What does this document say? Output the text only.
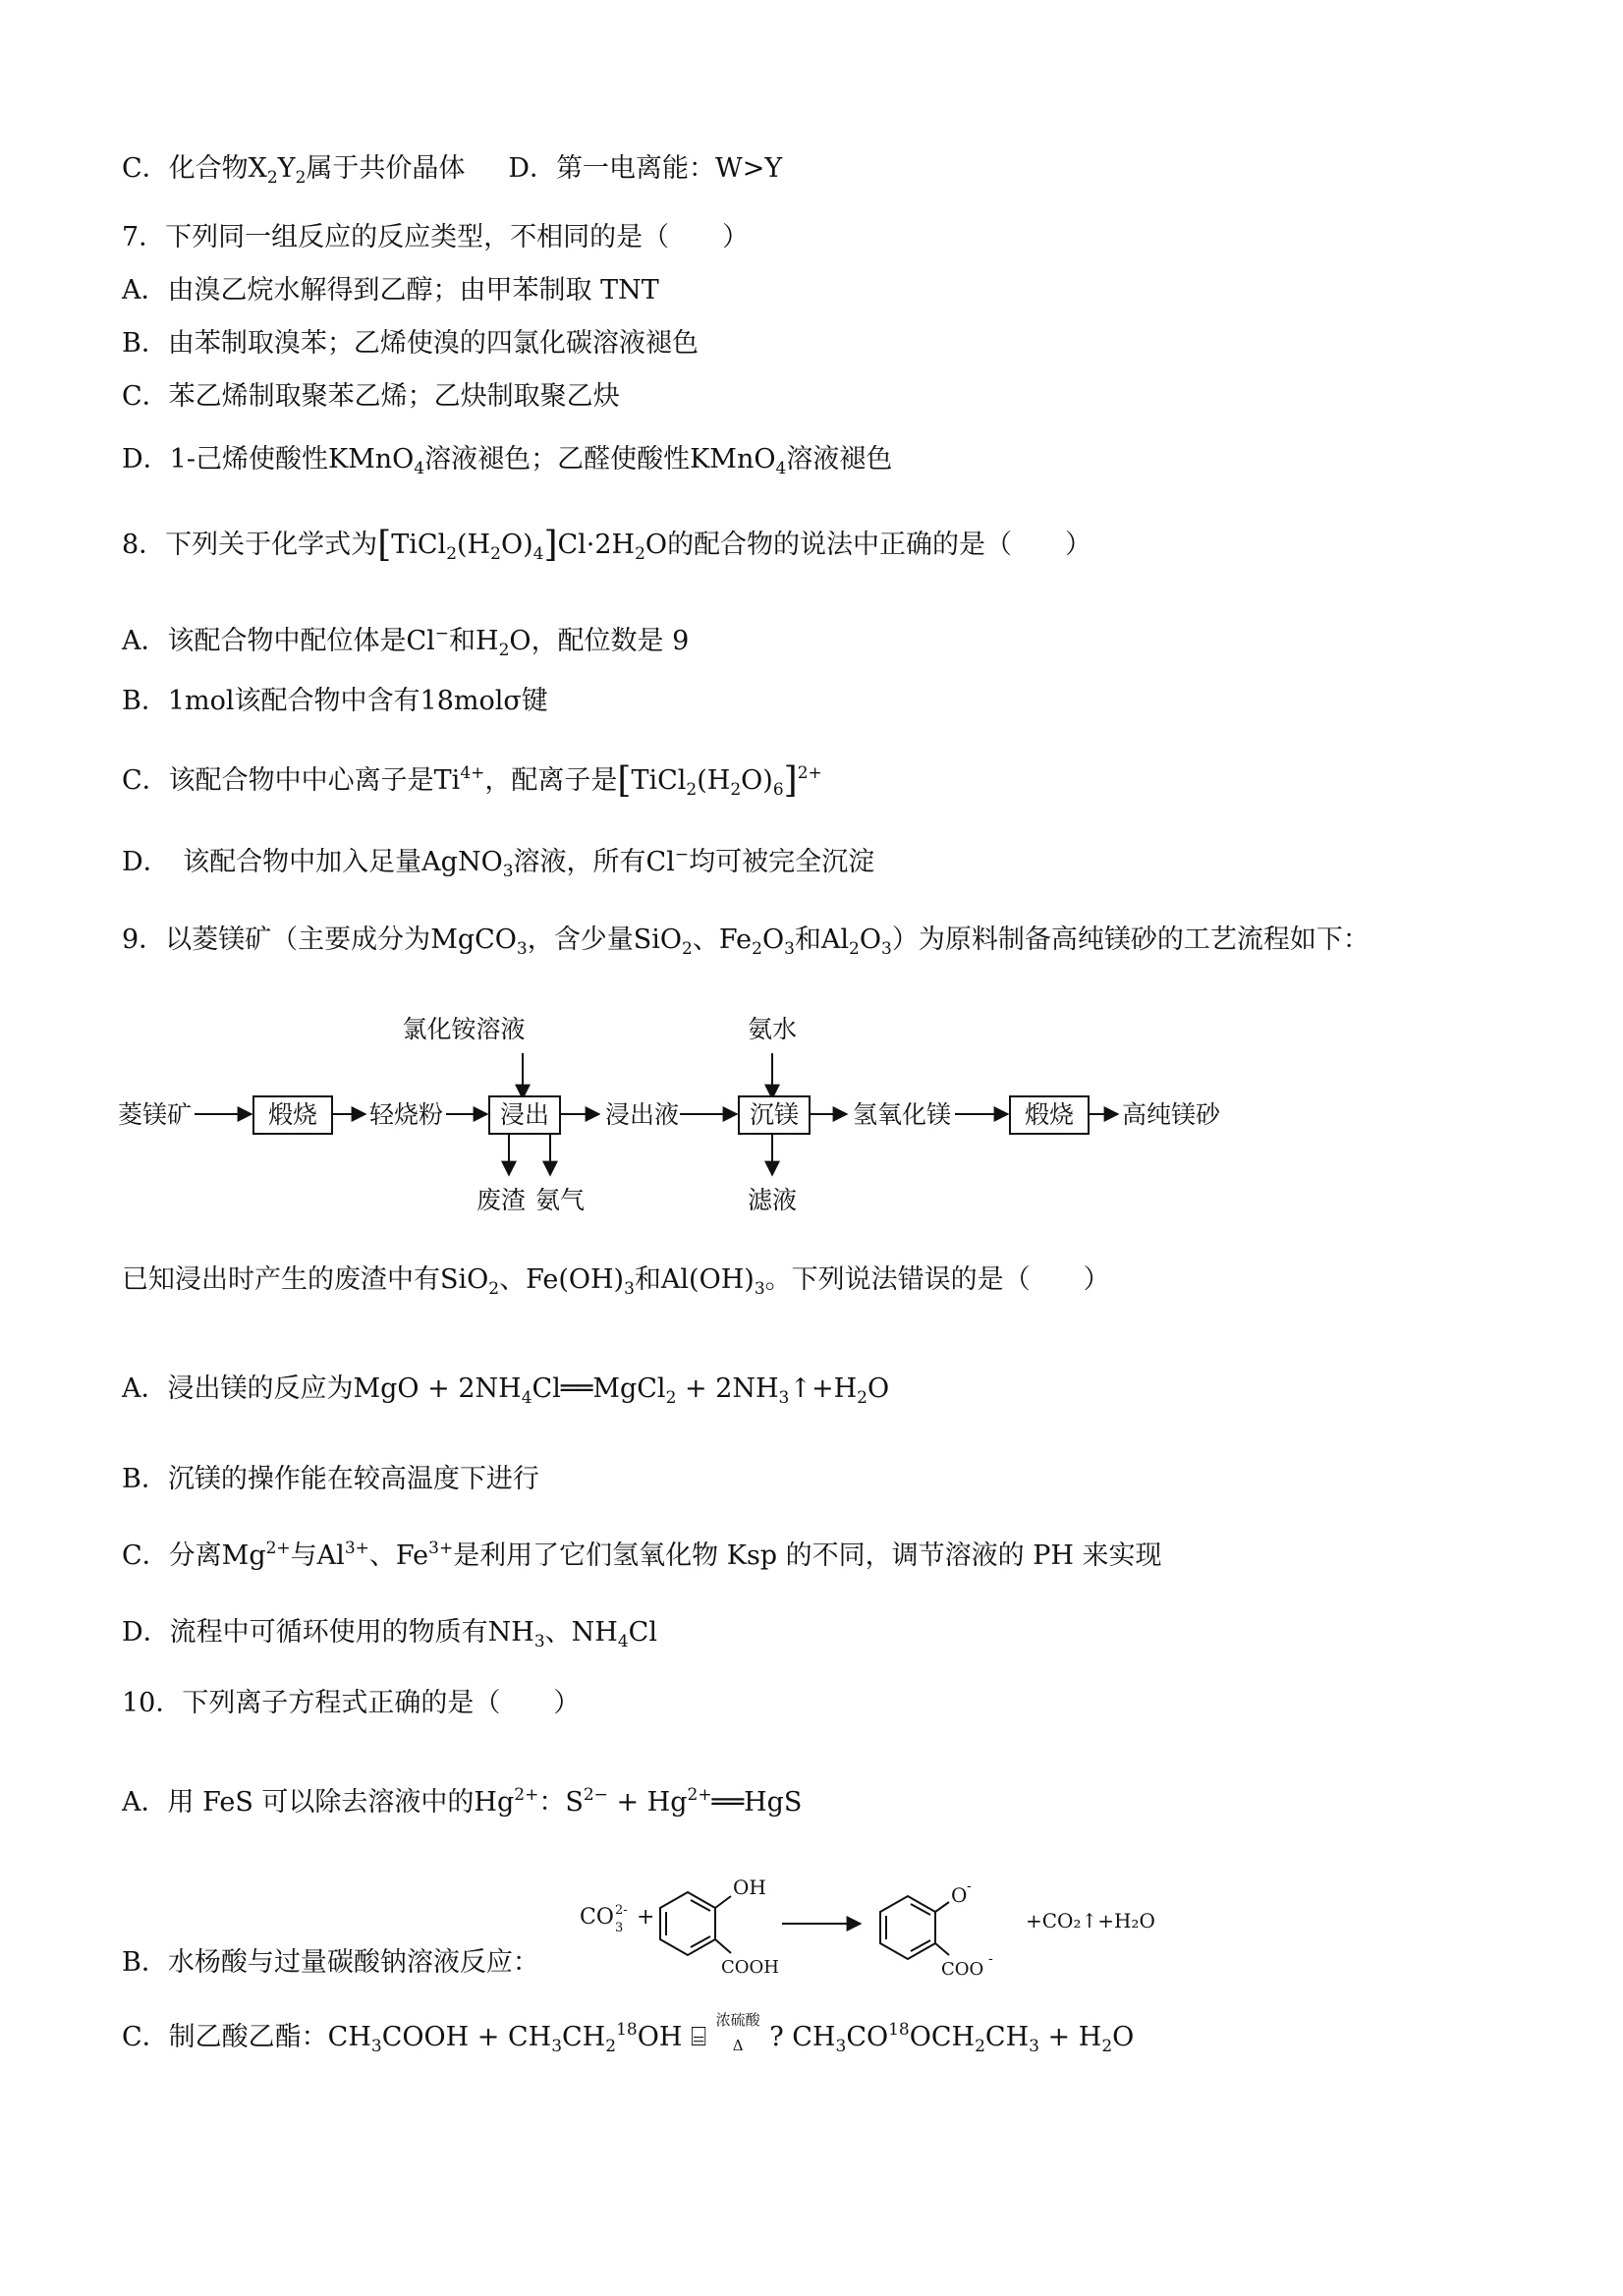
C．化合物$X_2Y_2$属于共价晶体 D．第一电离能：W>Y
7．下列同一组反应的反应类型，不相同的是（　　）
A．由溴乙烷水解得到乙醇；由甲苯制取 TNT
B．由苯制取溴苯；乙烯使溴的四氯化碳溶液褪色
C．苯乙烯制取聚苯乙烯；乙炔制取聚乙炔
D．1-己烯使酸性KMnO$_4$溶液褪色；乙醛使酸性KMnO$_4$溶液褪色
8．下列关于化学式为$[TiCl_2(H_2O)_4]Cl\cdot 2H_2O$的配合物的说法中正确的是（　　）
A．该配合物中配位体是Cl−和$H_2O$，配位数是 9
B．1mol该配合物中含有18molσ键
C．该配合物中中心离子是$Ti^{4+}$，配离子是$[TiCl_2(H_2O)_6]^{2+}$
D．　该配合物中加入足量AgNO$_3$溶液，所有Cl−均可被完全沉淀
9．以菱镁矿（主要成分为MgCO$_3$，含少量SiO$_2$、$Fe_2O_3$和$Al_2O_3$）为原料制备高纯镁砂的工艺流程如下：
氯化铵溶液	氨水
菱镁矿	煅烧 轻烧粉 浸出 浸出液	沉镁 氢氧化镁	煅烧 高纯镁砂
废渣 氨气	滤液
已知浸出时产生的废渣中有SiO$_2$、$Fe(OH)_3$和$Al(OH)_3$。下列说法错误的是（　　）
A．浸出镁的反应为MgO + $2NH_4Cl══MgCl_2$ + $2NH_3↑+H_2O$
B．沉镁的操作能在较高温度下进行
C．分离$Mg^{2+}$与$Al^{3+}$、$Fe^{3+}$是利用了它们氢氧化物 Ksp 的不同，调节溶液的 PH 来实现
D．流程中可循环使用的物质有$NH_3$、$NH_4Cl$
10．下列离子方程式正确的是（　　）
A．用 FeS 可以除去溶液中的$Hg^{2+}$：$S^{2-}$ + $Hg^{2+}══HgS$
CO 3
2- +
OH
COOH
O -
COO -
+CO₂↑+H₂O
B．水杨酸与过量碳酸钠溶液反应：
C．制乙酸乙酯：$CH_3COOH + CH_3CH_2^{18}OH$ ⌸
浓硫酸
Δ ? $CH_3CO^{18}OCH_2CH_3 + H_2O$
